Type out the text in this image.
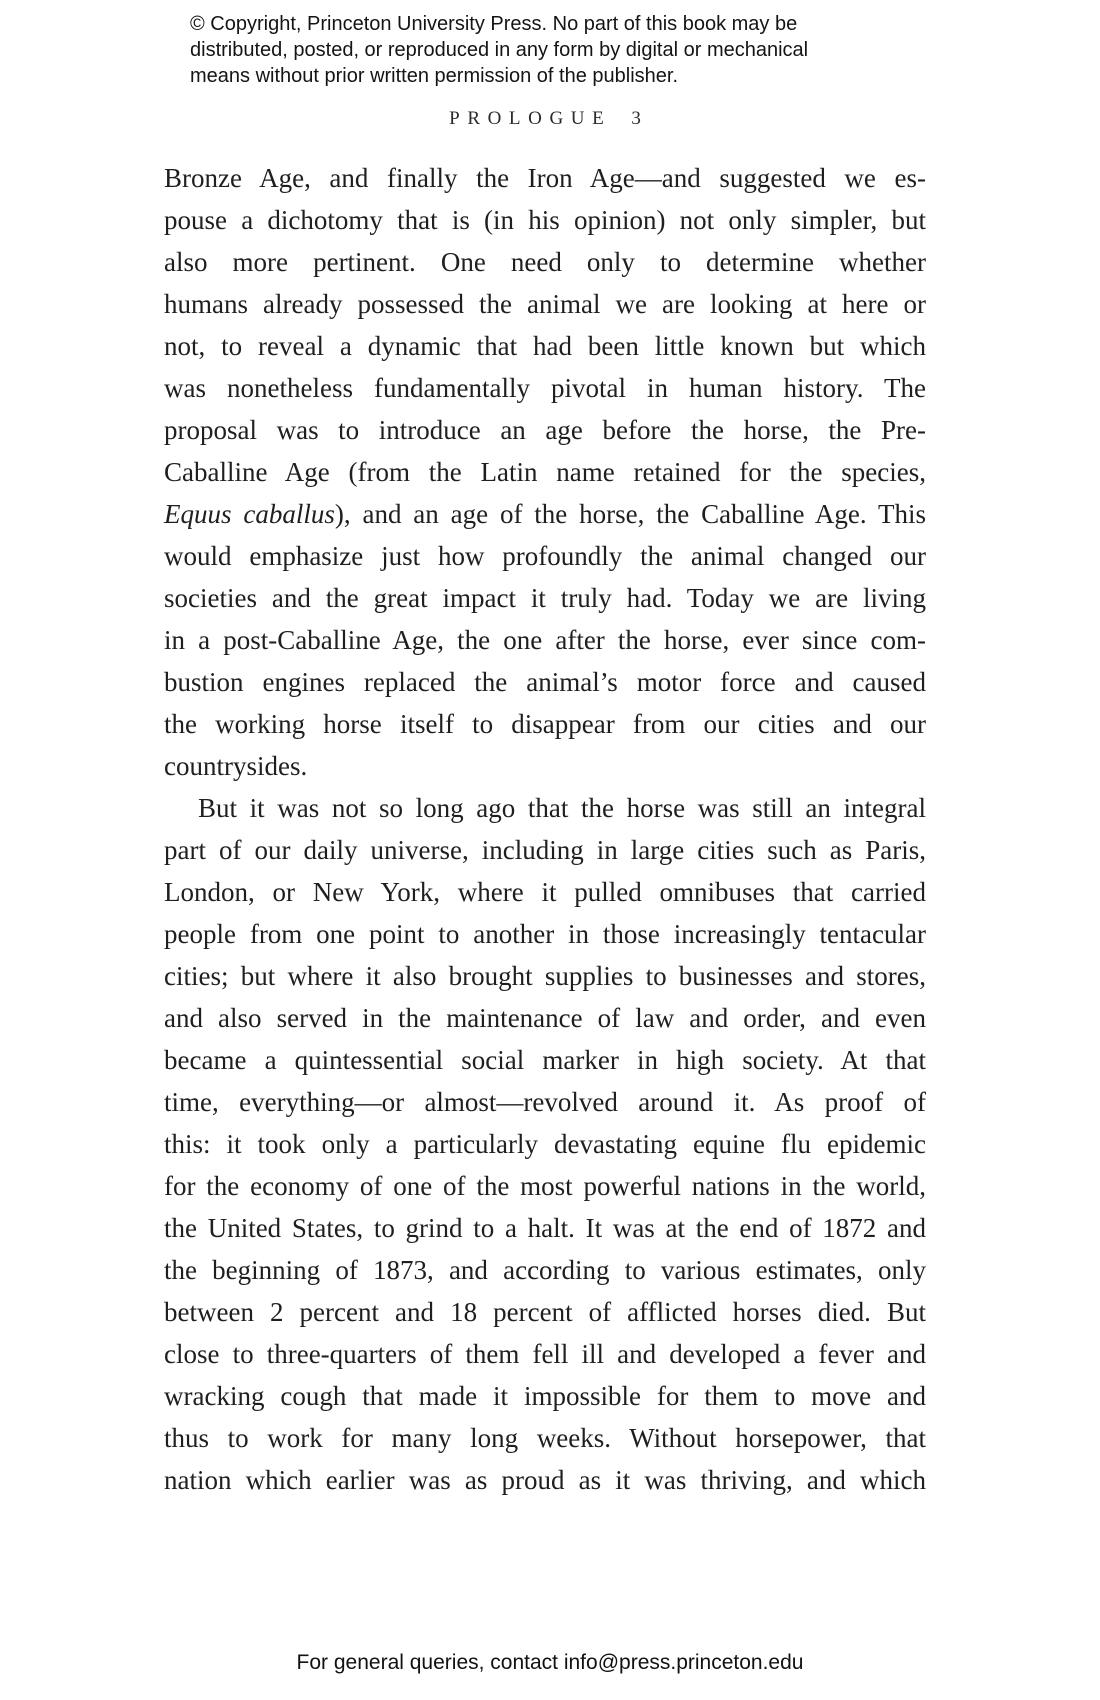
© Copyright, Princeton University Press. No part of this book may be
distributed, posted, or reproduced in any form by digital or mechanical
means without prior written permission of the publisher.
PROLOGUE 3
Bronze Age, and finally the Iron Age—and suggested we es-
pouse a dichotomy that is (in his opinion) not only simpler, but
also more pertinent. One need only to determine whether
humans already possessed the animal we are looking at here or
not, to reveal a dynamic that had been little known but which
was nonetheless fundamentally pivotal in human history. The
proposal was to introduce an age before the horse, the Pre-
Caballine Age (from the Latin name retained for the species,
Equus caballus), and an age of the horse, the Caballine Age. This
would emphasize just how profoundly the animal changed our
societies and the great impact it truly had. Today we are living
in a post-Caballine Age, the one after the horse, ever since com-
bustion engines replaced the animal’s motor force and caused
the working horse itself to disappear from our cities and our
countrysides.
But it was not so long ago that the horse was still an integral
part of our daily universe, including in large cities such as Paris,
London, or New York, where it pulled omnibuses that carried
people from one point to another in those increasingly tentacular
cities; but where it also brought supplies to businesses and stores,
and also served in the maintenance of law and order, and even
became a quintessential social marker in high society. At that
time, everything—or almost—revolved around it. As proof of
this: it took only a particularly devastating equine flu epidemic
for the economy of one of the most powerful nations in the world,
the United States, to grind to a halt. It was at the end of 1872 and
the beginning of 1873, and according to various estimates, only
between 2 percent and 18 percent of afflicted horses died. But
close to three-quarters of them fell ill and developed a fever and
wracking cough that made it impossible for them to move and
thus to work for many long weeks. Without horsepower, that
nation which earlier was as proud as it was thriving, and which
For general queries, contact info@press.princeton.edu
